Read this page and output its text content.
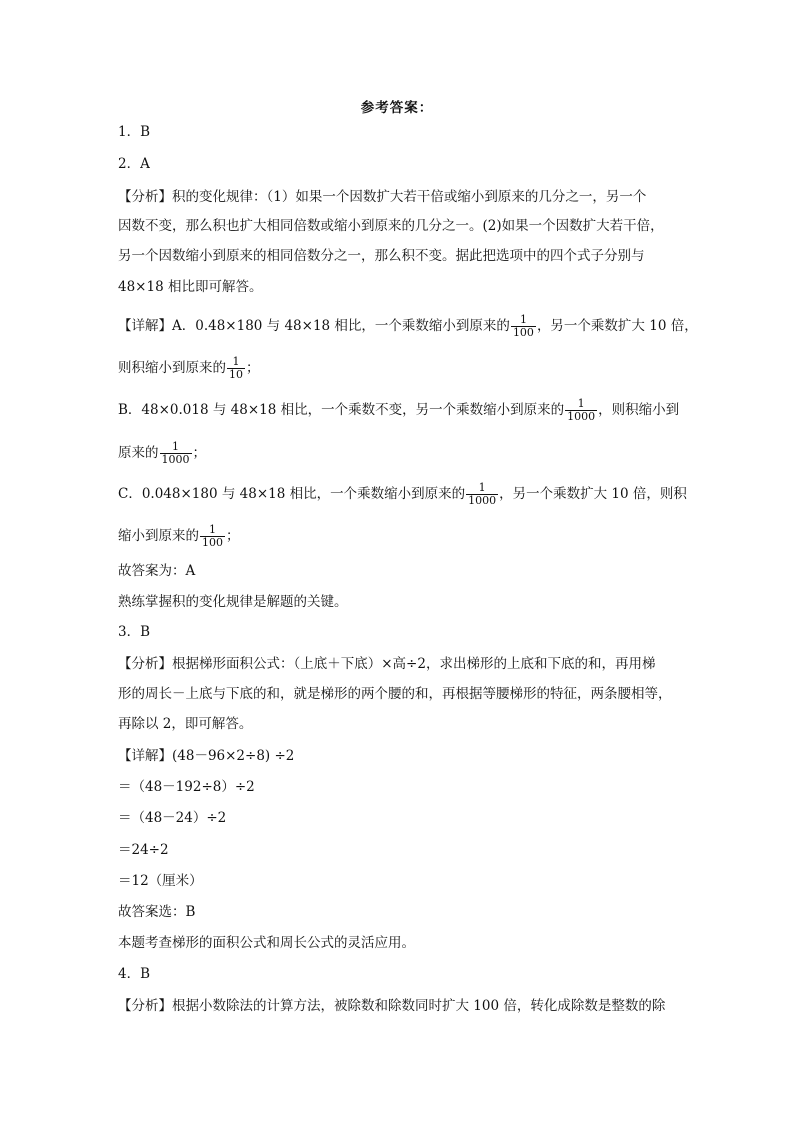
参考答案：
1．B
2．A
【分析】积的变化规律：（1）如果一个因数扩大若干倍或缩小到原来的几分之一，另一个
因数不变，那么积也扩大相同倍数或缩小到原来的几分之一。(2)如果一个因数扩大若干倍，
另一个因数缩小到原来的相同倍数分之一，那么积不变。据此把选项中的四个式子分别与
48×18 相比即可解答。
【详解】A．0.48×180 与 48×18 相比，一个乘数缩小到原来的 $\frac{1}{100}$ ，另一个乘数扩大 10 倍，
则积缩小到原来的 $\frac{1}{10}$ ；
B．48×0.018 与 48×18 相比，一个乘数不变，另一个乘数缩小到原来的 $\frac{1}{1000}$ ，则积缩小到
原来的 $\frac{1}{1000}$ ；
C．0.048×180 与 48×18 相比，一个乘数缩小到原来的 $\frac{1}{1000}$ ，另一个乘数扩大 10 倍，则积
缩小到原来的 $\frac{1}{100}$ ；
故答案为：A
熟练掌握积的变化规律是解题的关键。
3．B
【分析】根据梯形面积公式：（上底＋下底）×高÷2，求出梯形的上底和下底的和，再用梯
形的周长－上底与下底的和，就是梯形的两个腰的和，再根据等腰梯形的特征，两条腰相等，
再除以 2，即可解答。
【详解】(48－96×2÷8) ÷2
＝（48－192÷8）÷2
＝（48－24）÷2
＝24÷2
＝12（厘米）
故答案选：B
本题考查梯形的面积公式和周长公式的灵活应用。
4．B
【分析】根据小数除法的计算方法，被除数和除数同时扩大 100 倍，转化成除数是整数的除
